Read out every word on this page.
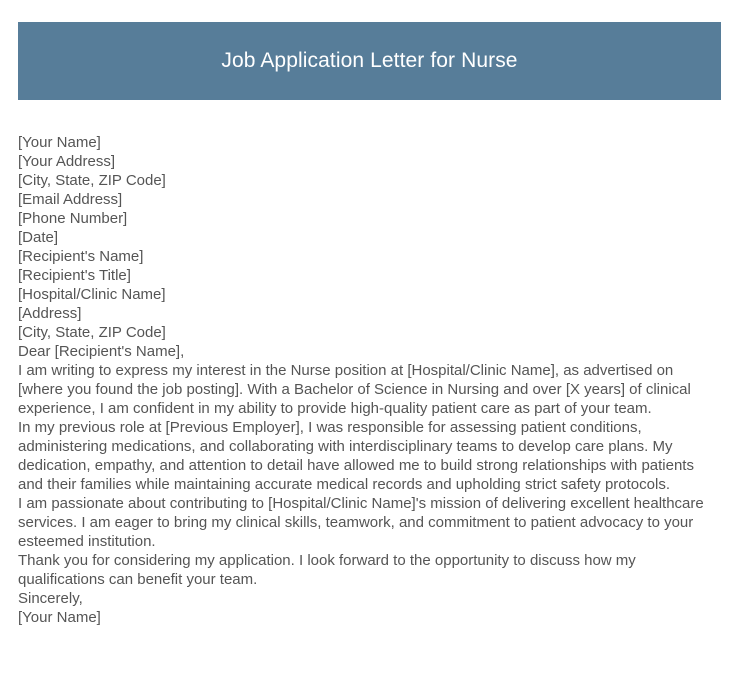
Job Application Letter for Nurse
[Your Name]
[Your Address]
[City, State, ZIP Code]
[Email Address]
[Phone Number]
[Date]
[Recipient's Name]
[Recipient's Title]
[Hospital/Clinic Name]
[Address]
[City, State, ZIP Code]
Dear [Recipient's Name],
I am writing to express my interest in the Nurse position at [Hospital/Clinic Name], as advertised on [where you found the job posting]. With a Bachelor of Science in Nursing and over [X years] of clinical experience, I am confident in my ability to provide high-quality patient care as part of your team.
In my previous role at [Previous Employer], I was responsible for assessing patient conditions, administering medications, and collaborating with interdisciplinary teams to develop care plans. My dedication, empathy, and attention to detail have allowed me to build strong relationships with patients and their families while maintaining accurate medical records and upholding strict safety protocols.
I am passionate about contributing to [Hospital/Clinic Name]'s mission of delivering excellent healthcare services. I am eager to bring my clinical skills, teamwork, and commitment to patient advocacy to your esteemed institution.
Thank you for considering my application. I look forward to the opportunity to discuss how my qualifications can benefit your team.
Sincerely,
[Your Name]
